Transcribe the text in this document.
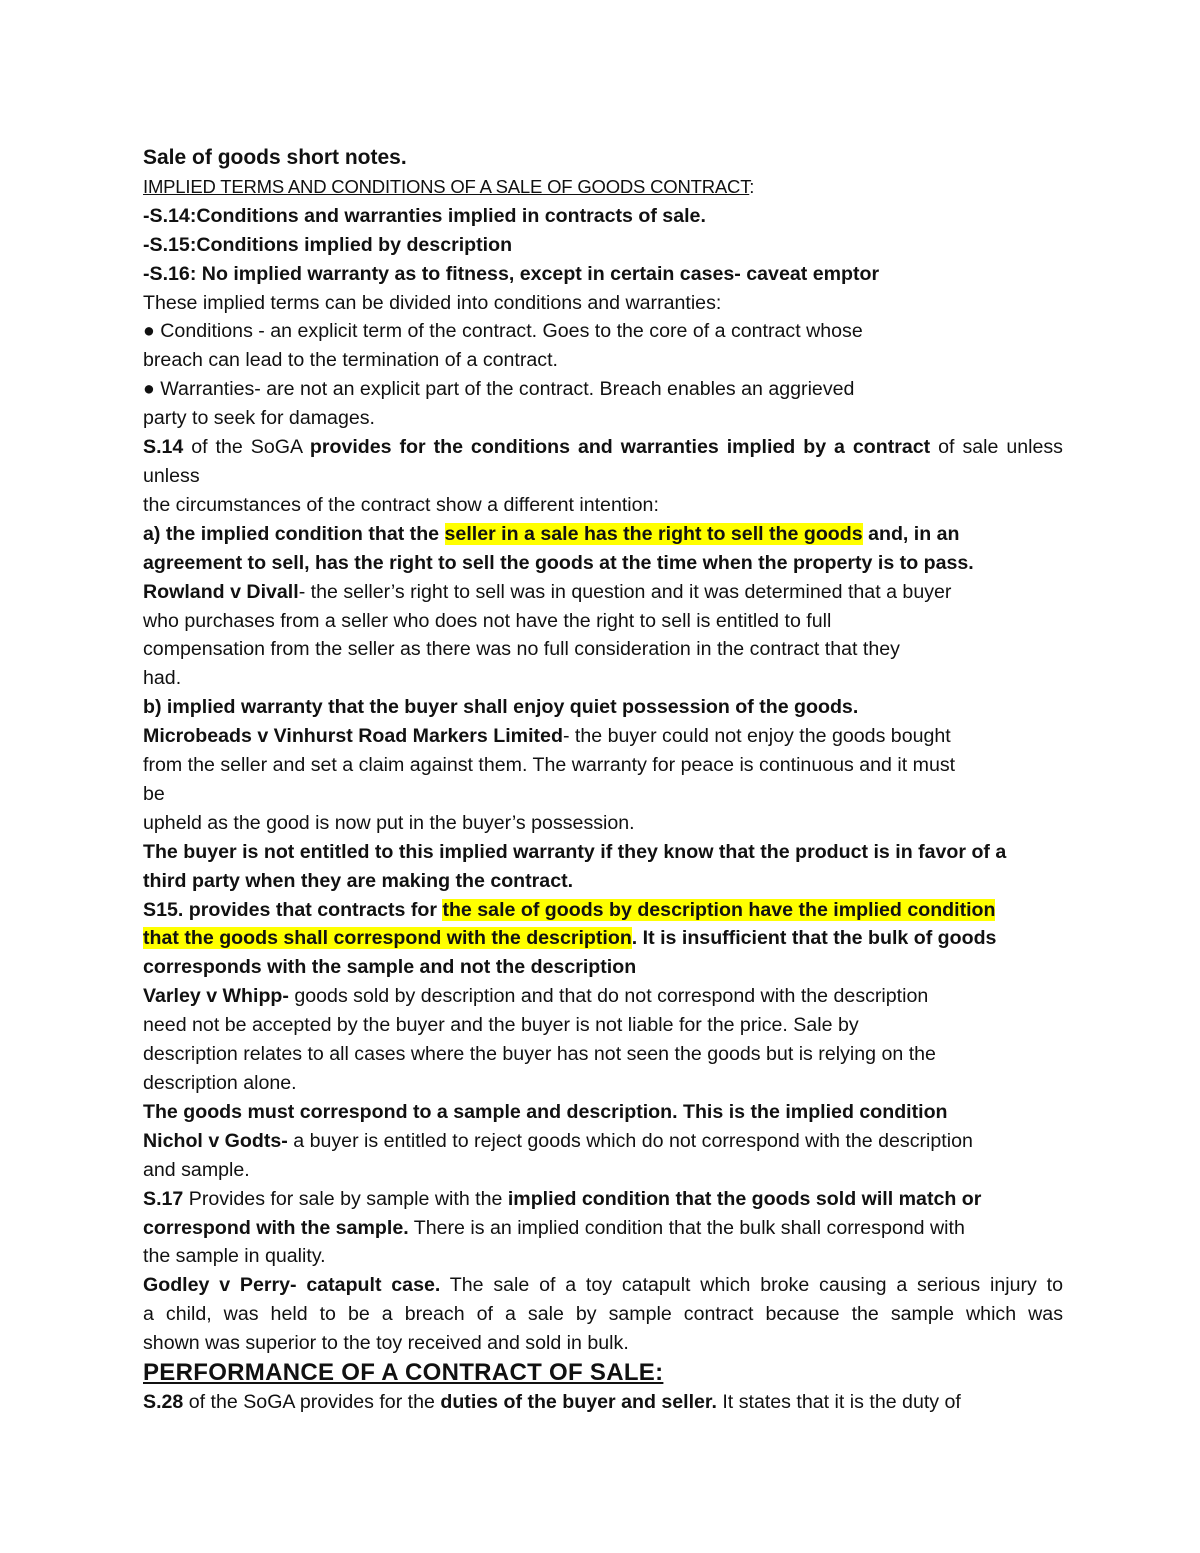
Sale of goods short notes.
IMPLIED TERMS AND CONDITIONS OF A SALE OF GOODS CONTRACT:
-S.14:Conditions and warranties implied in contracts of sale.
-S.15:Conditions implied by description
-S.16: No implied warranty as to fitness, except in certain cases- caveat emptor
These implied terms can be divided into conditions and warranties:
● Conditions - an explicit term of the contract. Goes to the core of a contract whose
breach can lead to the termination of a contract.
● Warranties- are not an explicit part of the contract. Breach enables an aggrieved
party to seek for damages.
S.14 of the SoGA provides for the conditions and warranties implied by a contract of sale unless
unless
the circumstances of the contract show a different intention:
a) the implied condition that the seller in a sale has the right to sell the goods and, in an
agreement to sell, has the right to sell the goods at the time when the property is to pass.
Rowland v Divall- the seller’s right to sell was in question and it was determined that a buyer
who purchases from a seller who does not have the right to sell is entitled to full
compensation from the seller as there was no full consideration in the contract that they
had.
b) implied warranty that the buyer shall enjoy quiet possession of the goods.
Microbeads v Vinhurst Road Markers Limited- the buyer could not enjoy the goods bought
from the seller and set a claim against them. The warranty for peace is continuous and it must
be
upheld as the good is now put in the buyer’s possession.
The buyer is not entitled to this implied warranty if they know that the product is in favor of a
third party when they are making the contract.
S15. provides that contracts for the sale of goods by description have the implied condition
that the goods shall correspond with the description. It is insufficient that the bulk of goods
corresponds with the sample and not the description
Varley v Whipp- goods sold by description and that do not correspond with the description
need not be accepted by the buyer and the buyer is not liable for the price. Sale by
description relates to all cases where the buyer has not seen the goods but is relying on the
description alone.
The goods must correspond to a sample and description. This is the implied condition
Nichol v Godts- a buyer is entitled to reject goods which do not correspond with the description
and sample.
S.17 Provides for sale by sample with the implied condition that the goods sold will match or
correspond with the sample. There is an implied condition that the bulk shall correspond with
the sample in quality.
Godley v Perry- catapult case. The sale of a toy catapult which broke causing a serious injury to
a child, was held to be a breach of a sale by sample contract because the sample which was
shown was superior to the toy received and sold in bulk.
PERFORMANCE OF A CONTRACT OF SALE:
S.28 of the SoGA provides for the duties of the buyer and seller. It states that it is the duty of
